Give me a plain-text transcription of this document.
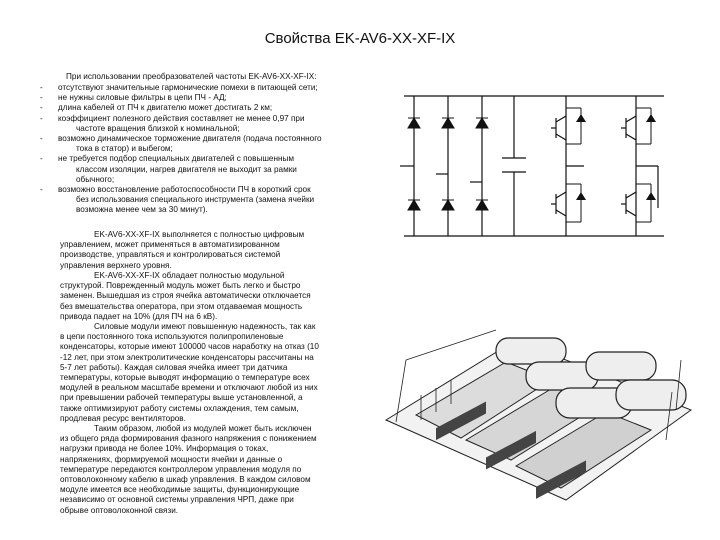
Свойства EK-AV6-XX-XF-IX
При использовании преобразователей частоты EK-AV6-XX-XF-IX:
- отсутствуют значительные гармонические помехи в питающей сети;
- не нужны силовые фильтры в цепи ПЧ - АД;
- длина кабелей от ПЧ к двигателю может достигать 2 км;
- коэффициент полезного действия составляет не менее 0,97 при
частоте вращения близкой к номинальной;
- возможно динамическое торможение двигателя (подача постоянного
тока в статор) и выбегом;
- не требуется подбор специальных двигателей с повышенным
классом изоляции, нагрев двигателя не выходит за рамки
обычного;
- возможно восстановление работоспособности ПЧ в короткий срок
без использования специального инструмента (замена ячейки
возможна менее чем за 30 минут).
EK-AV6-XX-XF-IX выполняется с полностью цифровым
управлением, может применяться в автоматизированном
производстве, управляться и контролироваться системой
управления верхнего уровня.
EK-AV6-XX-XF-IX обладает полностью модульной
структурой. Поврежденный модуль может быть легко и быстро
заменен. Вышедшая из строя ячейка автоматически отключается
без вмешательства оператора, при этом отдаваемая мощность
привода падает на 10% (для ПЧ на 6 кВ).
Силовые модули имеют повышенную надежность, так как
в цепи постоянного тока используются полипропиленовые
конденсаторы, которые имеют 100000 часов наработку на отказ (10
-12 лет, при этом электролитические конденсаторы рассчитаны на
5-7 лет работы). Каждая силовая ячейка имеет три датчика
температуры, которые выводят информацию о температуре всех
модулей в реальном масштабе времени и отключают любой из них
при превышении рабочей температуры выше установленной, а
также оптимизируют работу системы охлаждения, тем самым,
продлевая ресурс вентиляторов.
Таким образом, любой из модулей может быть исключен
из общего ряда формирования фазного напряжения с понижением
нагрузки привода не более 10%. Информация о токах,
напряжениях, формируемой мощности ячейки и данные о
температуре передаются контроллером управления модуля по
оптоволоконному кабелю в шкаф управления. В каждом силовом
модуле имеется все необходимые защиты, функционирующие
независимо от основной системы управления ЧРП, даже при
обрыве оптоволоконной связи.
